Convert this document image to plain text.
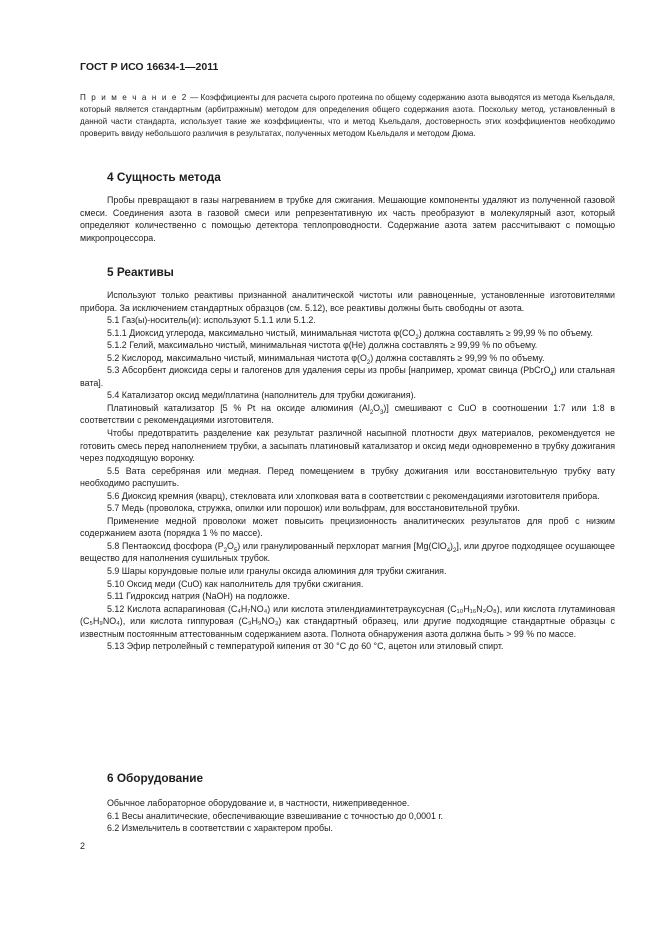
ГОСТ Р ИСО 16634-1—2011
П р и м е ч а н и е 2 — Коэффициенты для расчета сырого протеина по общему содержанию азота выводятся из метода Кьельдаля, который является стандартным (арбитражным) методом для определения общего содержания азота. Поскольку метод, установленный в данной части стандарта, использует такие же коэффициенты, что и метод Кьельдаля, достоверность этих коэффициентов необходимо проверить ввиду небольшого различия в результатах, полученных методом Кьельдаля и методом Дюма.
4 Сущность метода

Пробы превращают в газы нагреванием в трубке для сжигания. Мешающие компоненты удаляют из полученной газовой смеси. Соединения азота в газовой смеси или репрезентативную их часть преобразуют в молекулярный азот, который определяют количественно с помощью детектора теплопроводности. Содержание азота затем рассчитывают с помощью микропроцессора.

5 Реактивы

Используют только реактивы признанной аналитической чистоты или равноценные, установленные изготовителями прибора. За исключением стандартных образцов (см. 5.12), все реактивы должны быть свободны от азота.

5.1 Газ(ы)-носитель(и): используют 5.1.1 или 5.1.2.

5.1.1 Диоксид углерода, максимально чистый, минимальная чистота $\varphi(CO_2)$ должна составлять ≥ 99,99 % по объему.

5.1.2 Гелий, максимально чистый, минимальная чистота φ(He) должна составлять ≥ 99,99 % по объему.

5.2 Кислород, максимально чистый, минимальная чистота $\varphi(O_2)$ должна составлять ≥ 99,99 % по объему.

5.3 Абсорбент диоксида серы и галогенов для удаления серы из пробы [например, хромат свинца (PbCrO$_4$) или стальная вата].

5.4 Катализатор оксид меди/платина (наполнитель для трубки дожигания).

Платиновый катализатор [5 % Pt на оксиде алюминия $(Al_2O_3)$] смешивают с CuO в соотношении 1:7 или 1:8 в соответствии с рекомендациями изготовителя.

Чтобы предотвратить разделение как результат различной насыпной плотности двух материалов, рекомендуется не готовить смесь перед наполнением трубки, а засыпать платиновый катализатор и оксид меди одновременно в трубку дожигания через подходящую воронку.

5.5 Вата серебряная или медная. Перед помещением в трубку дожигания или восстановительную трубку вату необходимо распушить.

5.6 Диоксид кремния (кварц), стекловата или хлопковая вата в соответствии с рекомендациями изготовителя прибора.

5.7 Медь (проволока, стружка, опилки или порошок) или вольфрам, для восстановительной трубки.

Применение медной проволоки может повысить прецизионность аналитических результатов для проб с низким содержанием азота (порядка 1 % по массе).

5.8 Пентаоксид фосфора $(P_2O_5)$ или гранулированный перхлорат магния $[Mg(ClO_4)_2]$, или другое подходящее осушающее вещество для наполнения сушильных трубок.

5.9 Шары корундовые полые или гранулы оксида алюминия для трубки сжигания.

5.10 Оксид меди (CuO) как наполнитель для трубки сжигания.

5.11 Гидроксид натрия (NaOH) на подложке.

5.12 Кислота аспарагиновая (C₄H₇NO₄) или кислота этилендиаминтетрауксусная (C₁₀H₁₆N₂O₈), или кислота глутаминовая (C₅H₉NO₄), или кислота гиппуровая (C₉H₉NO₃) как стандартный образец, или другие подходящие стандартные образцы с известным постоянным аттестованным содержанием азота. Полнота обнаружения азота должна быть > 99 % по массе.

5.13 Эфир петролейный с температурой кипения от 30 °C до 60 °C, ацетон или этиловый спирт.

6 Оборудование

Обычное лабораторное оборудование и, в частности, нижеприведенное.

6.1 Весы аналитические, обеспечивающие взвешивание с точностью до 0,0001 г.

6.2 Измельчитель в соответствии с характером пробы.

2
